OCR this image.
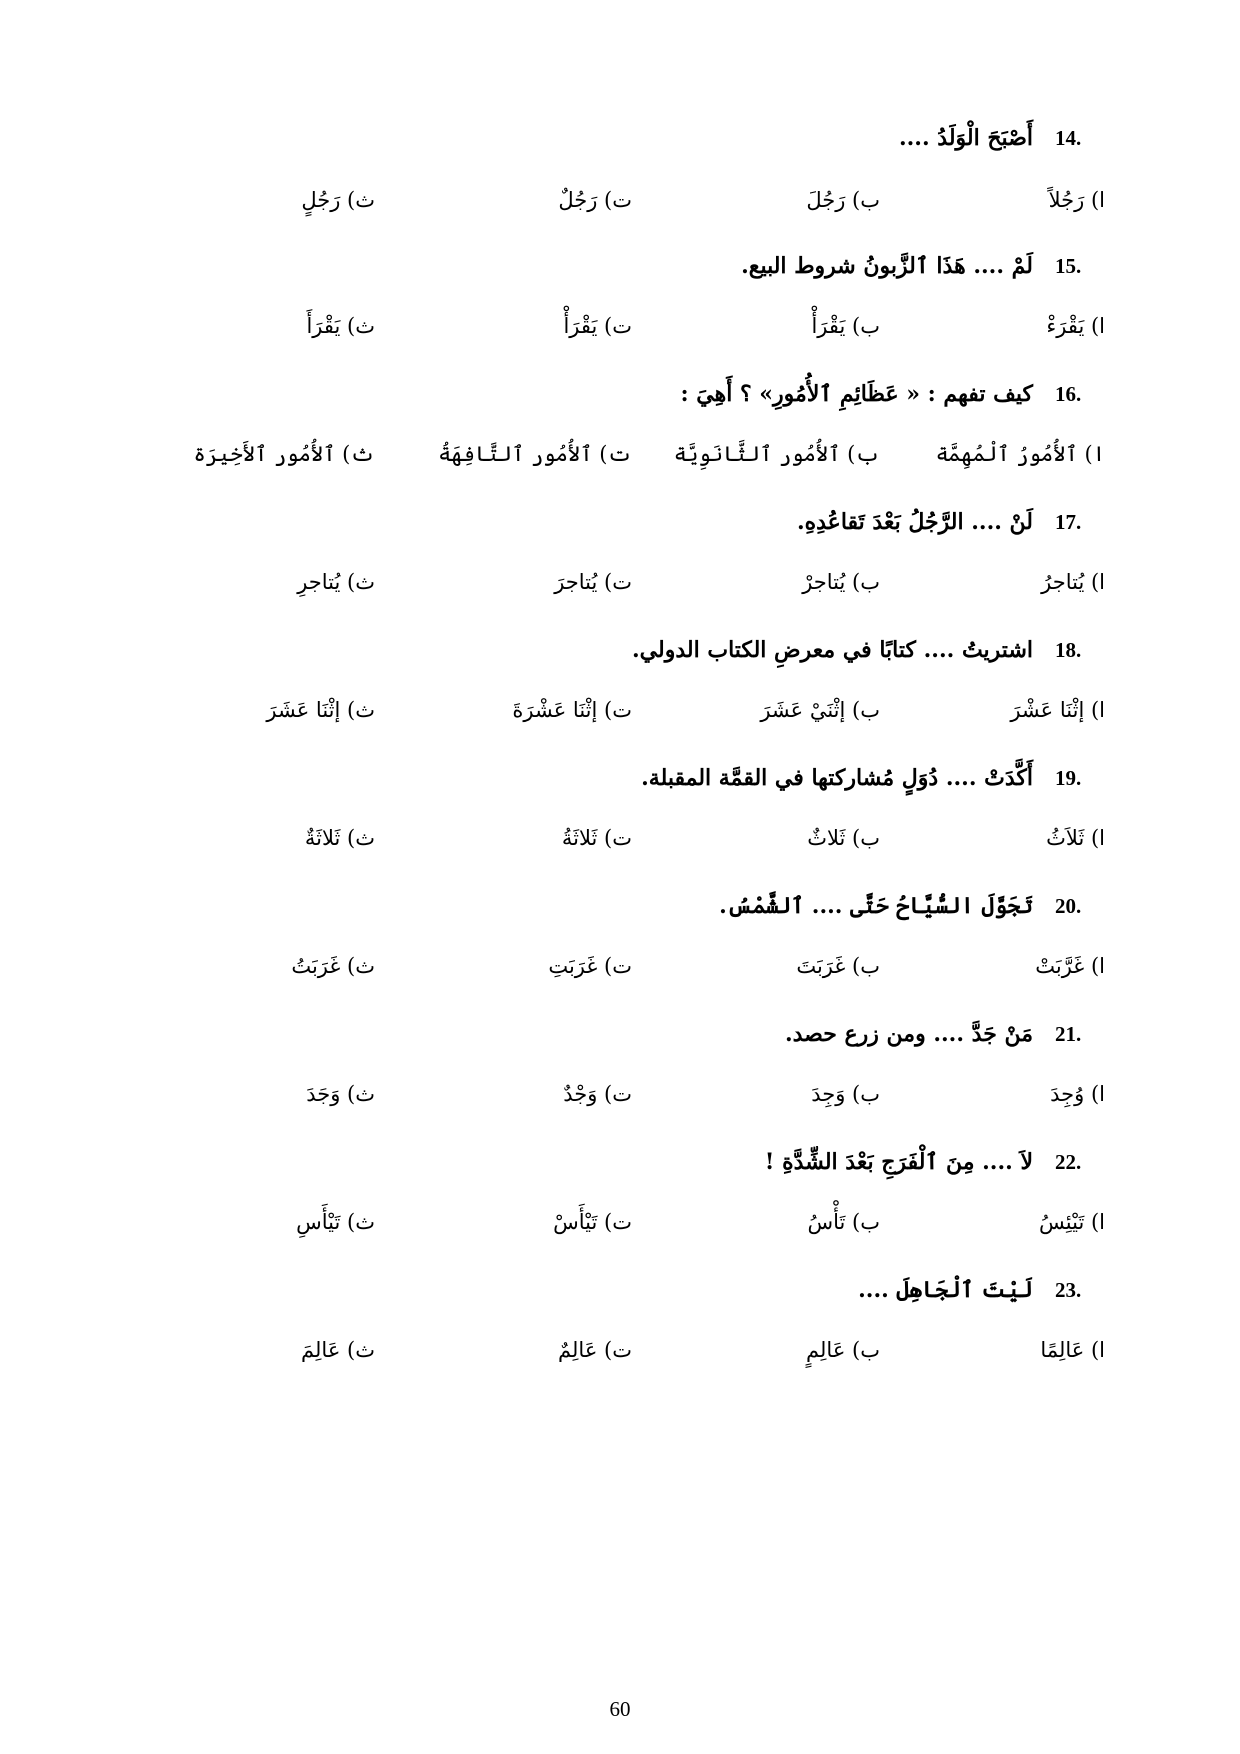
14.
أَصْبَحَ الْوَلَدُ ....
ا) رَجُلاً
ب) رَجُلَ
ت) رَجُلٌ
ث) رَجُلٍ
15.
لَمْ .... هَذَا ٱلزَّبونُ شروط البيع.
ا) يَقْرَءْ
ب) يَقْرَأْ
ت) يَقْرَأْ
ث) يَقْرَأَ
16.
كيف تفهم : « عَظَائِمِ ٱلأُمُورِ» ؟ أَهِيَ :
ا) ٱلأُمُورُ ٱلْمُهِمَّة
ب) ٱلأُمُور ٱلثَّانَوِيَّة
ت) ٱلأُمُور ٱلتَّافِهَةُ
ث) ٱلأُمُور ٱلأَخِيرَة
17.
لَنْ .... الرَّجُلُ بَعْدَ تَقاعُدِهِ.
ا) يُتاجرُ
ب) يُتاجرْ
ت) يُتاجرَ
ث) يُتاجرِ
18.
اشتريتُ .... كتابًا في معرضِ الكتاب الدولي.
ا) إثْنَا عَشْرَ
ب) إثْنَيْ عَشَرَ
ت) إثْنَا عَشْرَةَ
ث) إثْنَا عَشَرَ
19.
أَكَّدَتْ .... دُوَلٍ مُشاركتها في القمَّة المقبلة.
ا) ثَلاَثُ
ب) ثَلاثٌ
ت) ثَلاثَةُ
ث) ثَلاثَةٌ
20.
تَجَوَّلَ السُّيَّاحُ حَتَّى .... ٱلشَّمْسُ.
ا) غَرَّبَتْ
ب) غَرَبَتَ
ت) غَرَبَتِ
ث) غَرَبَتُ
21.
مَنْ جَدَّ .... ومن زرع حصد.
ا) وُجِدَ
ب) وَجِدَ
ت) وَجْدٌ
ث) وَجَدَ
22.
لاَ .... مِنَ ٱلْفَرَجِ بَعْدَ الشِّدَّةِ !
ا) تَيْئِسُ
ب) تَأْسُ
ت) تَيْأَسْ
ث) تَيْأَسِ
23.
لَيْتَ ٱلْجَاهِلَ ....
ا) عَالِمًا
ب) عَالِمٍ
ت) عَالِمٌ
ث) عَالِمَ
60
